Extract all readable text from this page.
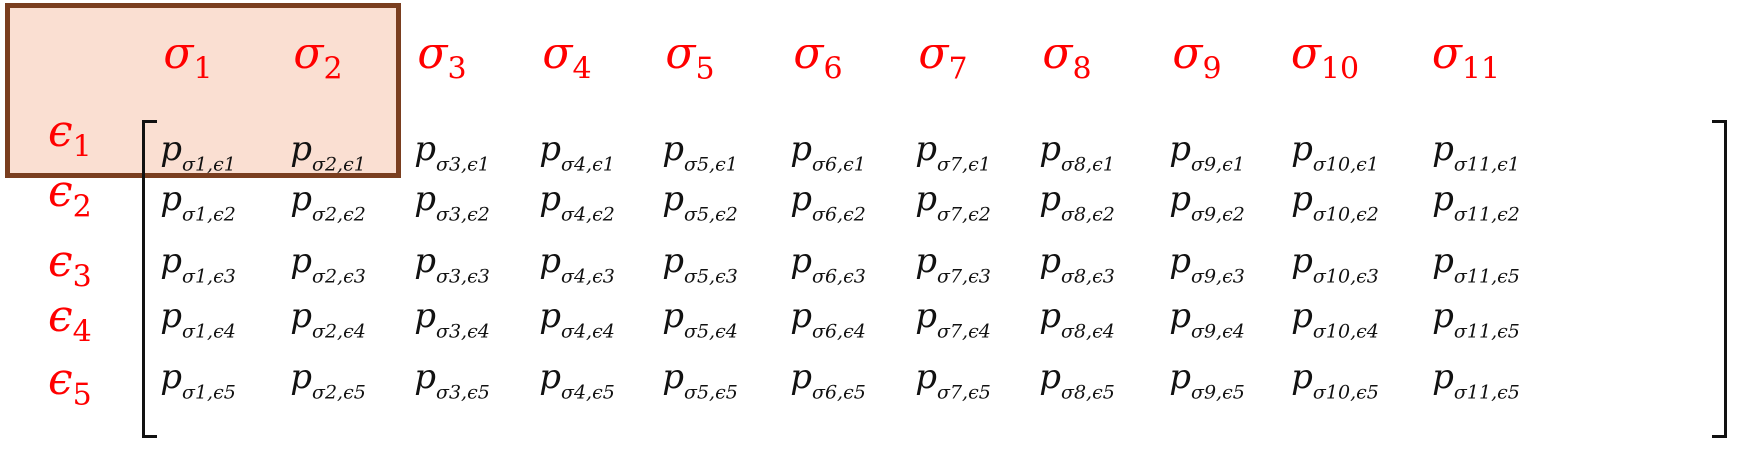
$\sigma_1$ $\sigma_2$ $\sigma_3$ $\sigma_4$ $\sigma_5$ $\sigma_6$ $\sigma_7$ $\sigma_8$ $\sigma_9$ $\sigma_{10}$ $\sigma_{11}$
$\epsilon_1$
$\epsilon_2$
$\epsilon_3$
$\epsilon_4$
$\epsilon_5$
$p_{\sigma 1,\epsilon 1}$ $p_{\sigma 2,\epsilon 1}$ $p_{\sigma 3,\epsilon 1}$ $p_{\sigma 4,\epsilon 1}$ $p_{\sigma 5,\epsilon 1}$ $p_{\sigma 6,\epsilon 1}$ $p_{\sigma 7,\epsilon 1}$ $p_{\sigma 8,\epsilon 1}$ $p_{\sigma 9,\epsilon 1}$ $p_{\sigma 10,\epsilon 1}$ $p_{\sigma 11,\epsilon 1}$
$p_{\sigma 1,\epsilon 2}$ $p_{\sigma 2,\epsilon 2}$ $p_{\sigma 3,\epsilon 2}$ $p_{\sigma 4,\epsilon 2}$ $p_{\sigma 5,\epsilon 2}$ $p_{\sigma 6,\epsilon 2}$ $p_{\sigma 7,\epsilon 2}$ $p_{\sigma 8,\epsilon 2}$ $p_{\sigma 9,\epsilon 2}$ $p_{\sigma 10,\epsilon 2}$ $p_{\sigma 11,\epsilon 2}$
$p_{\sigma 1,\epsilon 3}$ $p_{\sigma 2,\epsilon 3}$ $p_{\sigma 3,\epsilon 3}$ $p_{\sigma 4,\epsilon 3}$ $p_{\sigma 5,\epsilon 3}$ $p_{\sigma 6,\epsilon 3}$ $p_{\sigma 7,\epsilon 3}$ $p_{\sigma 8,\epsilon 3}$ $p_{\sigma 9,\epsilon 3}$ $p_{\sigma 10,\epsilon 3}$ $p_{\sigma 11,\epsilon 5}$
$p_{\sigma 1,\epsilon 4}$ $p_{\sigma 2,\epsilon 4}$ $p_{\sigma 3,\epsilon 4}$ $p_{\sigma 4,\epsilon 4}$ $p_{\sigma 5,\epsilon 4}$ $p_{\sigma 6,\epsilon 4}$ $p_{\sigma 7,\epsilon 4}$ $p_{\sigma 8,\epsilon 4}$ $p_{\sigma 9,\epsilon 4}$ $p_{\sigma 10,\epsilon 4}$ $p_{\sigma 11,\epsilon 5}$
$p_{\sigma 1,\epsilon 5}$ $p_{\sigma 2,\epsilon 5}$ $p_{\sigma 3,\epsilon 5}$ $p_{\sigma 4,\epsilon 5}$ $p_{\sigma 5,\epsilon 5}$ $p_{\sigma 6,\epsilon 5}$ $p_{\sigma 7,\epsilon 5}$ $p_{\sigma 8,\epsilon 5}$ $p_{\sigma 9,\epsilon 5}$ $p_{\sigma 10,\epsilon 5}$ $p_{\sigma 11,\epsilon 5}$
